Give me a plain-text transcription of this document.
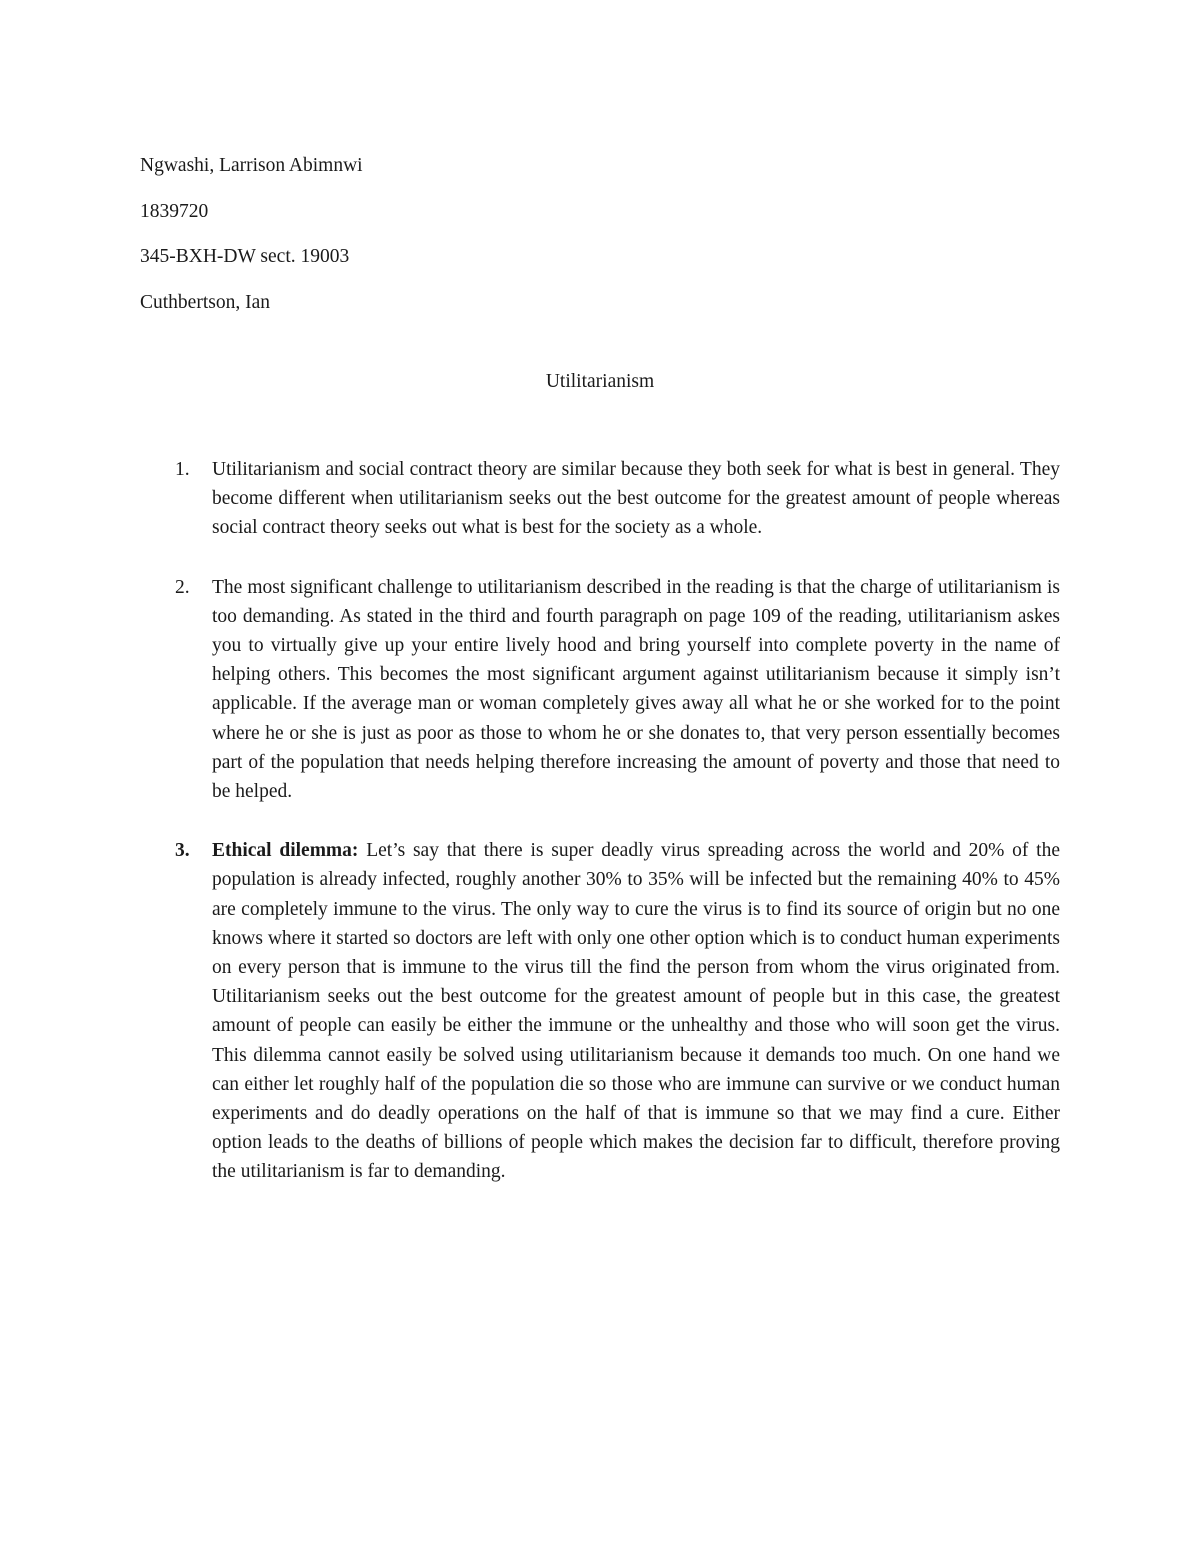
Ngwashi, Larrison Abimnwi
1839720
345-BXH-DW sect. 19003
Cuthbertson, Ian
Utilitarianism
1. Utilitarianism and social contract theory are similar because they both seek for what is best in general. They become different when utilitarianism seeks out the best outcome for the greatest amount of people whereas social contract theory seeks out what is best for the society as a whole.
2. The most significant challenge to utilitarianism described in the reading is that the charge of utilitarianism is too demanding. As stated in the third and fourth paragraph on page 109 of the reading, utilitarianism askes you to virtually give up your entire lively hood and bring yourself into complete poverty in the name of helping others. This becomes the most significant argument against utilitarianism because it simply isn’t applicable. If the average man or woman completely gives away all what he or she worked for to the point where he or she is just as poor as those to whom he or she donates to, that very person essentially becomes part of the population that needs helping therefore increasing the amount of poverty and those that need to be helped.
3. Ethical dilemma: Let’s say that there is super deadly virus spreading across the world and 20% of the population is already infected, roughly another 30% to 35% will be infected but the remaining 40% to 45% are completely immune to the virus. The only way to cure the virus is to find its source of origin but no one knows where it started so doctors are left with only one other option which is to conduct human experiments on every person that is immune to the virus till the find the person from whom the virus originated from. Utilitarianism seeks out the best outcome for the greatest amount of people but in this case, the greatest amount of people can easily be either the immune or the unhealthy and those who will soon get the virus. This dilemma cannot easily be solved using utilitarianism because it demands too much. On one hand we can either let roughly half of the population die so those who are immune can survive or we conduct human experiments and do deadly operations on the half of that is immune so that we may find a cure. Either option leads to the deaths of billions of people which makes the decision far to difficult, therefore proving the utilitarianism is far to demanding.
